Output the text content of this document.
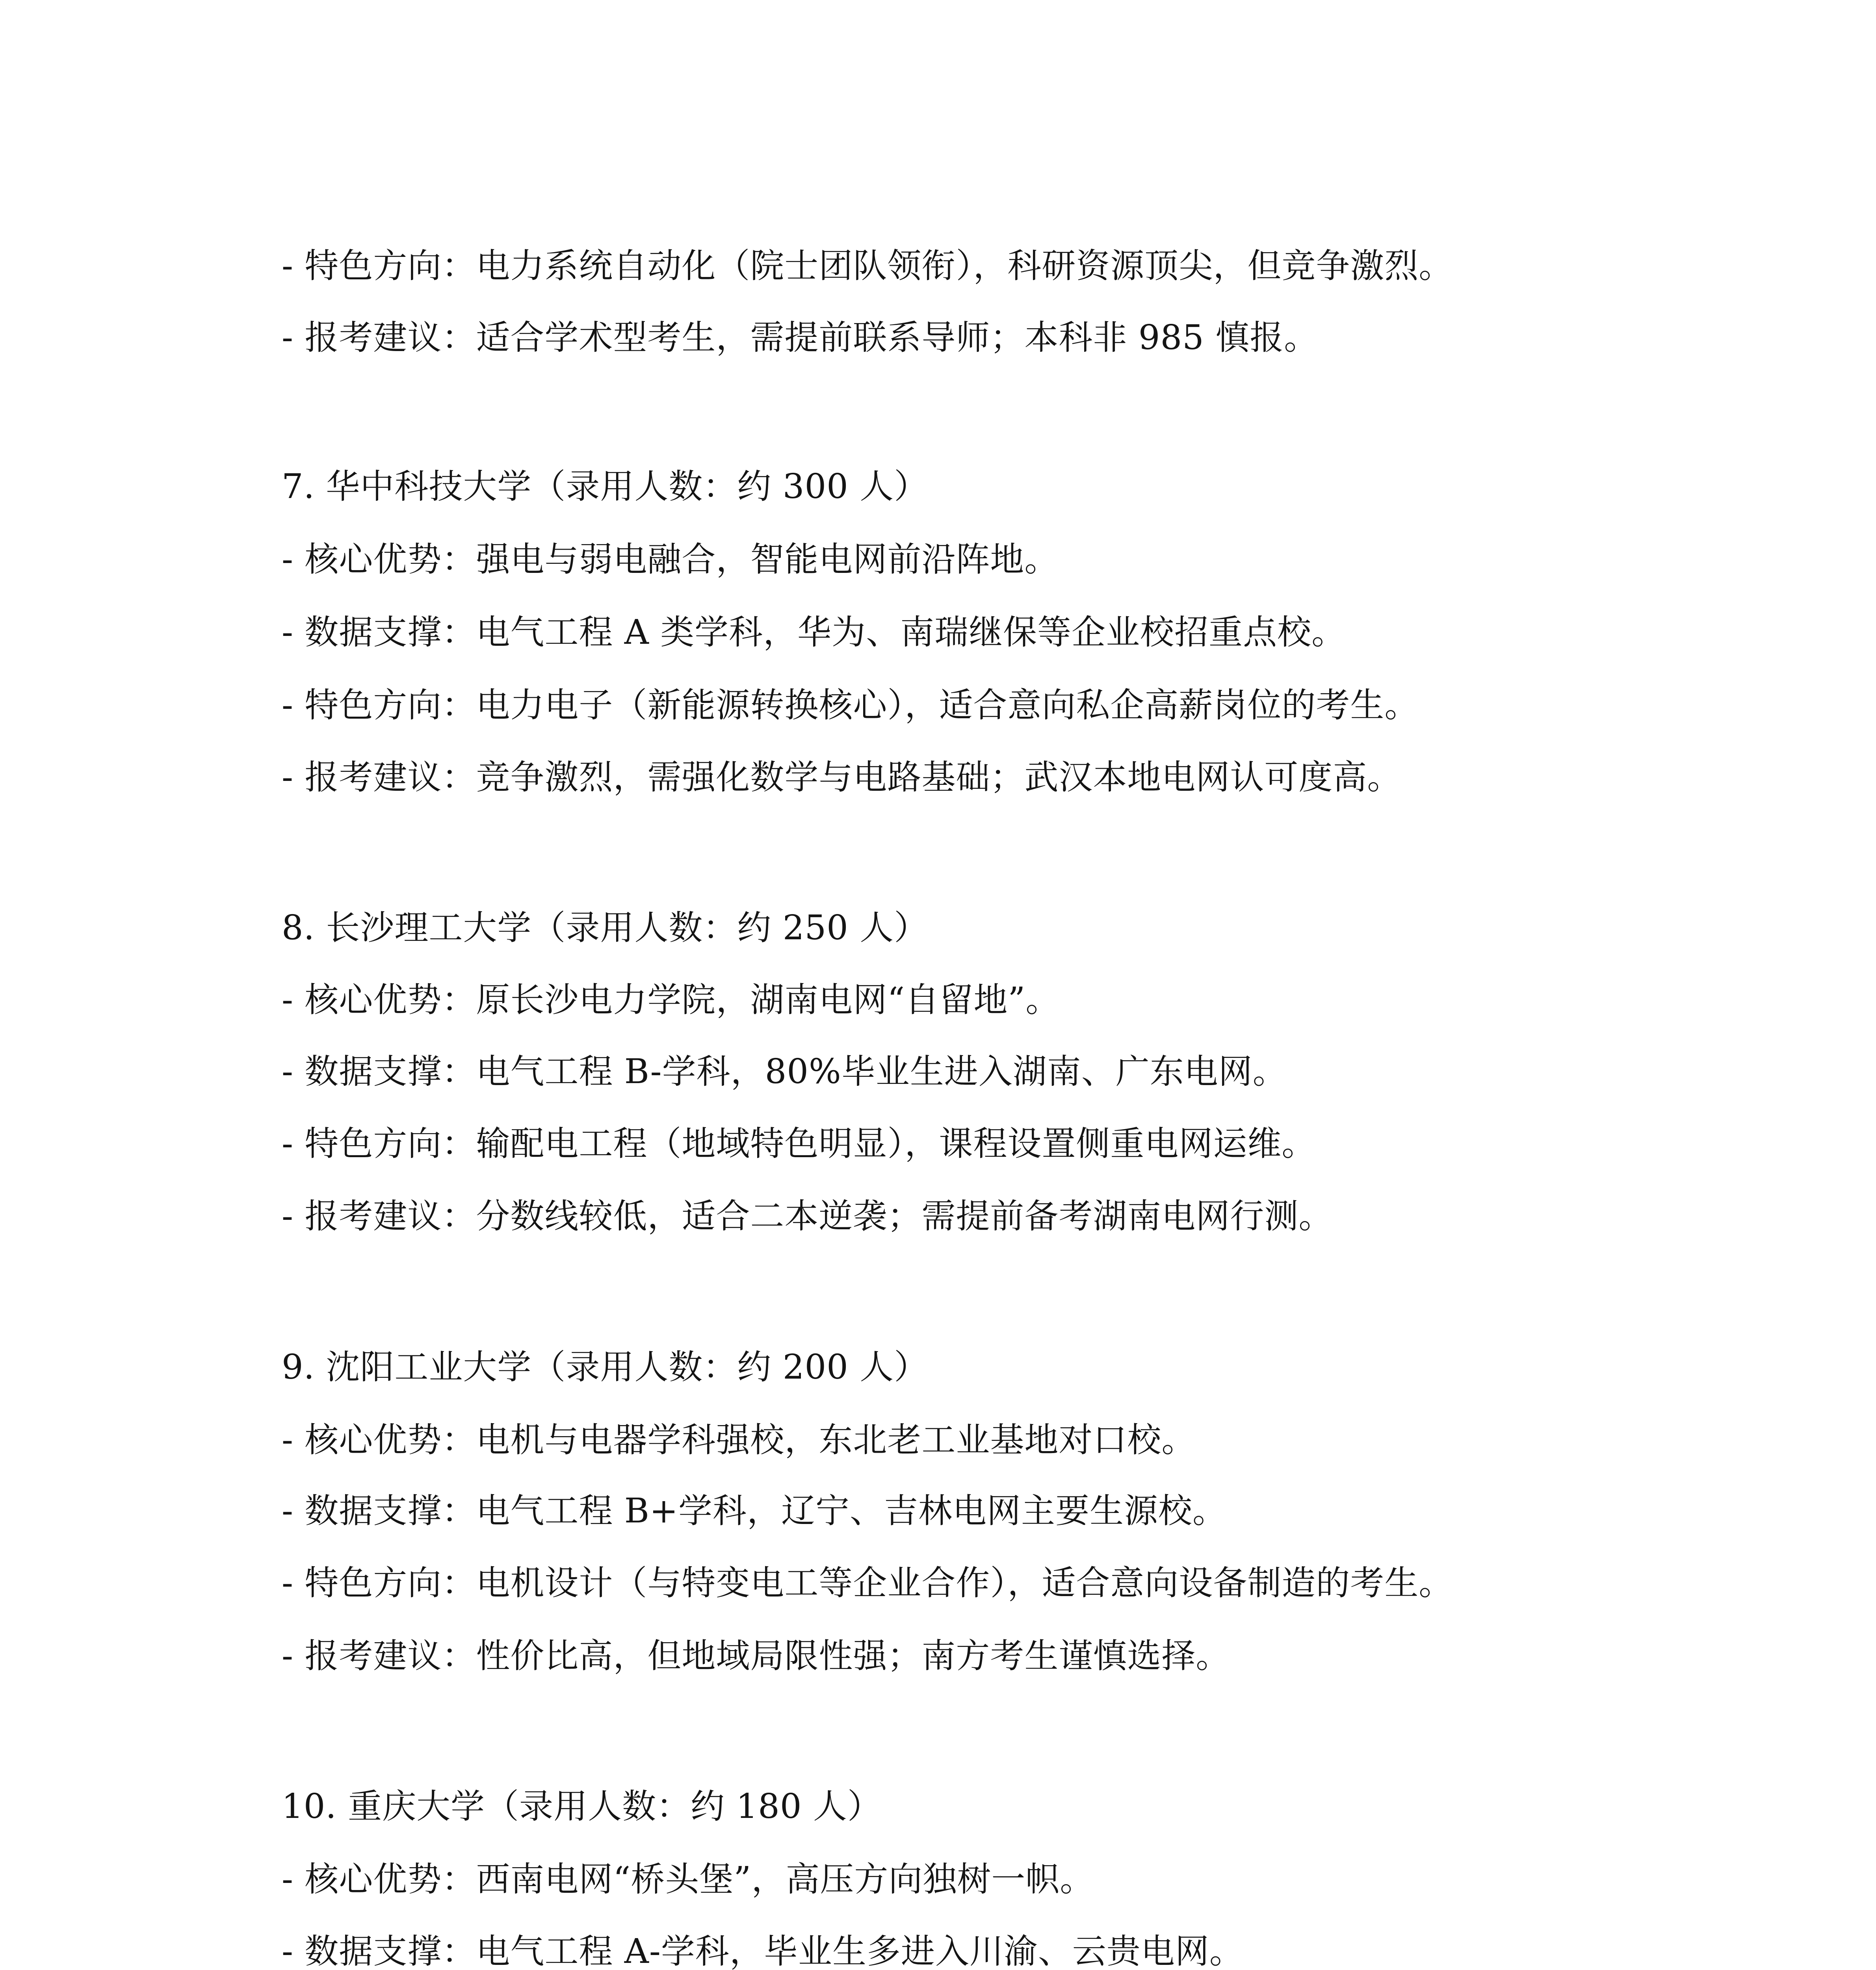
- 特色方向：电力系统自动化（院士团队领衔），科研资源顶尖，但竞争激烈。

- 报考建议：适合学术型考生，需提前联系导师；本科非 985 慎报。

7. 华中科技大学（录用人数：约 300 人）

- 核心优势：强电与弱电融合，智能电网前沿阵地。

- 数据支撑：电气工程 A 类学科，华为、南瑞继保等企业校招重点校。

- 特色方向：电力电子（新能源转换核心），适合意向私企高薪岗位的考生。

- 报考建议：竞争激烈，需强化数学与电路基础；武汉本地电网认可度高。

8. 长沙理工大学（录用人数：约 250 人）

- 核心优势：原长沙电力学院，湖南电网“自留地”。

- 数据支撑：电气工程 B-学科，80%毕业生进入湖南、广东电网。

- 特色方向：输配电工程（地域特色明显），课程设置侧重电网运维。

- 报考建议：分数线较低，适合二本逆袭；需提前备考湖南电网行测。

9. 沈阳工业大学（录用人数：约 200 人）

- 核心优势：电机与电器学科强校，东北老工业基地对口校。

- 数据支撑：电气工程 B+学科，辽宁、吉林电网主要生源校。

- 特色方向：电机设计（与特变电工等企业合作），适合意向设备制造的考生。

- 报考建议：性价比高，但地域局限性强；南方考生谨慎选择。

10. 重庆大学（录用人数：约 180 人）

- 核心优势：西南电网“桥头堡”，高压方向独树一帜。

- 数据支撑：电气工程 A-学科，毕业生多进入川渝、云贵电网。
